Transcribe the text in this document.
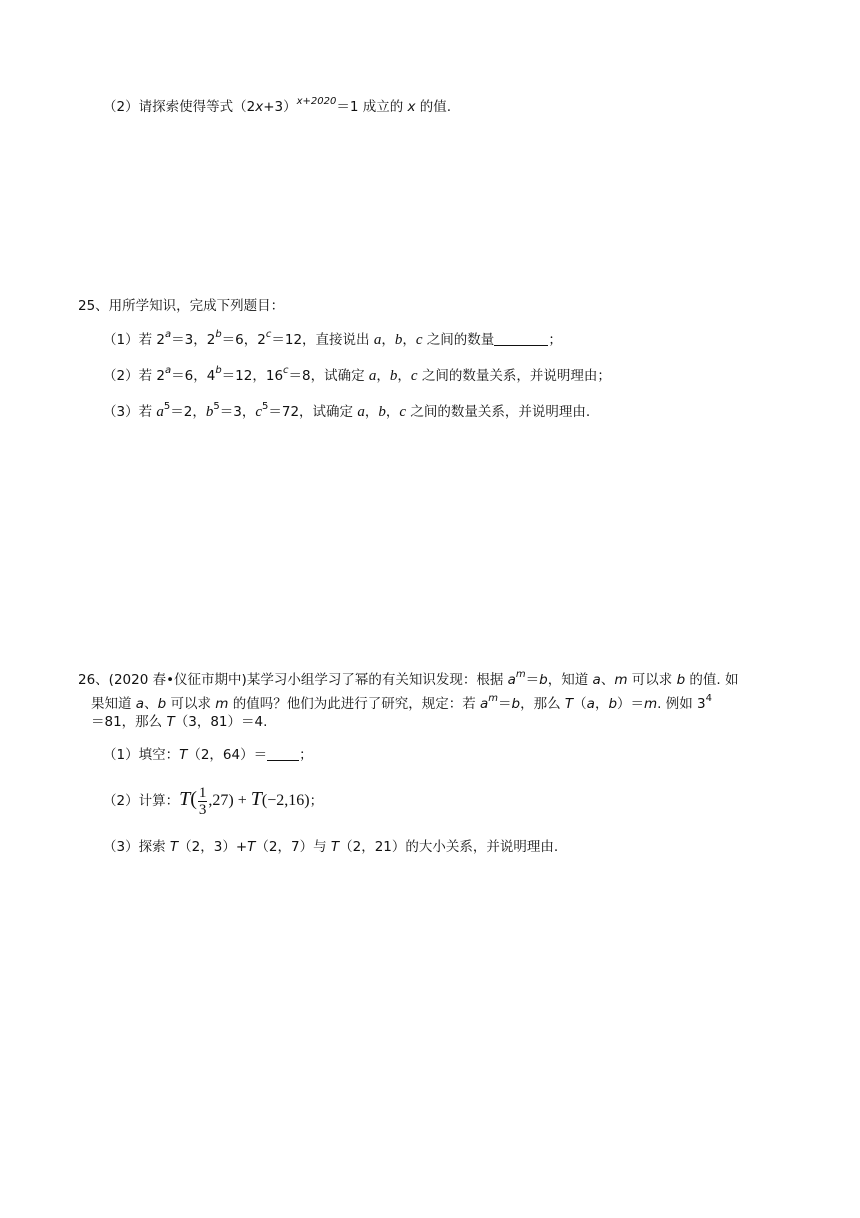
（2）请探索使得等式$(2x+3)^{x+2020}=1$ 成立的 x 的值.
25、用所学知识，完成下列题目：
（1）若 $2^a=3$，$2^b=6$，$2^c=12$，直接说出 a，b，c 之间的数量	；
（2）若 $2^a=6$，$4^b=12$，$16^c=8$，试确定 a，b，c 之间的数量关系，并说明理由；
（3）若 $a^5=2$，$b^5=3$，$c^5=72$，试确定 a，b，c 之间的数量关系，并说明理由.
26、(2020 春•仪征市期中)某学习小组学习了幂的有关知识发现：根据 $a^m=b$，知道 a、m 可以求 b 的值. 如
果知道 a、b 可以求 m 的值吗？他们为此进行了研究，规定：若 $a^m=b$，那么 T（a，b）＝m. 例如 $3^4$
＝81，那么 T（3，81）＝4.
（1）填空：T（2，64）＝ ；
（2）计算：$T( \frac{1}{3} ,27) + T(-2,16)$；
（3）探索 T（2，3）+T（2，7）与 T（2，21）的大小关系，并说明理由.
